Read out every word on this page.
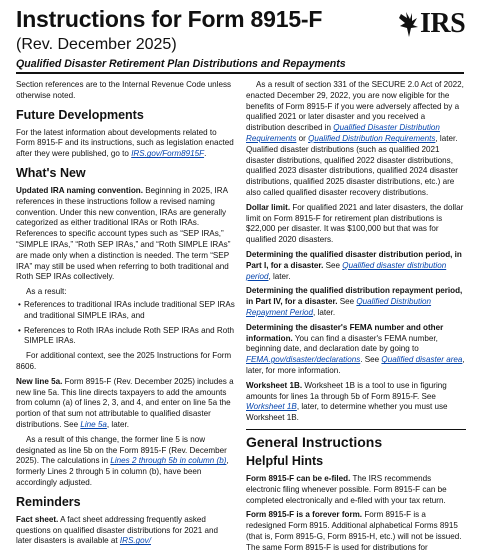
Instructions for Form 8915-F
(Rev. December 2025)
Qualified Disaster Retirement Plan Distributions and Repayments
IRS

Section references are to the Internal Revenue Code unless otherwise noted.

Future Developments

For the latest information about developments related to Form 8915-F and its instructions, such as legislation enacted after they were published, go to IRS.gov/Form8915F.

What's New

Updated IRA naming convention. Beginning in 2025, IRA references in these instructions follow a revised naming convention. Under this new convention, IRAs are generally categorized as either traditional IRAs or Roth IRAs. References to specific account types such as “SEP IRAs,” “SIMPLE IRAs,” “Roth SEP IRAs,” and “Roth SIMPLE IRAs” are made only when a distinction is needed. The term “SEP IRA” may still be used when referring to both traditional and Roth SEP IRAs collectively.

As a result:

• References to traditional IRAs include traditional SEP IRAs and traditional SIMPLE IRAs, and

• References to Roth IRAs include Roth SEP IRAs and Roth SIMPLE IRAs.

For additional context, see the 2025 Instructions for Form 8606.

New line 5a. Form 8915-F (Rev. December 2025) includes a new line 5a. This line directs taxpayers to add the amounts from column (a) of lines 2, 3, and 4, and enter on line 5a the portion of that sum not attributable to qualified disaster distributions. See Line 5a, later.

As a result of this change, the former line 5 is now designated as line 5b on the Form 8915-F (Rev. December 2025). The calculations in Lines 2 through 5b in column (b), formerly Lines 2 through 5 in column (b), have been accordingly adjusted.

Reminders

Fact sheet. A fact sheet addressing frequently asked questions on qualified disaster distributions for 2021 and later disasters is available at IRS.gov/

As a result of section 331 of the SECURE 2.0 Act of 2022, enacted December 29, 2022, you are now eligible for the benefits of Form 8915-F if you were adversely affected by a qualified 2021 or later disaster and you received a distribution described in Qualified Disaster Distribution Requirements or Qualified Distribution Requirements, later. Qualified disaster distributions (such as qualified 2021 disaster distributions, qualified 2022 disaster distributions, qualified 2023 disaster distributions, qualified 2024 disaster distributions, qualified 2025 disaster distributions, etc.) are also called qualified disaster recovery distributions.

Dollar limit. For qualified 2021 and later disasters, the dollar limit on Form 8915-F for retirement plan distributions is $22,000 per disaster. It was $100,000 but that was for qualified 2020 disasters.

Determining the qualified disaster distribution period, in Part I, for a disaster. See Qualified disaster distribution period, later.

Determining the qualified distribution repayment period, in Part IV, for a disaster. See Qualified Distribution Repayment Period, later.

Determining the disaster's FEMA number and other information. You can find a disaster's FEMA number, beginning date, and declaration date by going to FEMA.gov/disaster/declarations. See Qualified disaster area, later, for more information.

Worksheet 1B. Worksheet 1B is a tool to use in figuring amounts for lines 1a through 5b of Form 8915-F. See Worksheet 1B, later, to determine whether you must use Worksheet 1B.

General Instructions
Helpful Hints

Form 8915-F can be e-filed. The IRS recommends electronic filing whenever possible. Form 8915-F can be completed electronically and e-filed with your tax return.

Form 8915-F is a forever form. Form 8915-F is a redesigned Form 8915. Additional alphabetical Forms 8915 (that is, Form 8915-G, Form 8915-H, etc.) will not be issued. The same Form 8915-F is used for distributions for
